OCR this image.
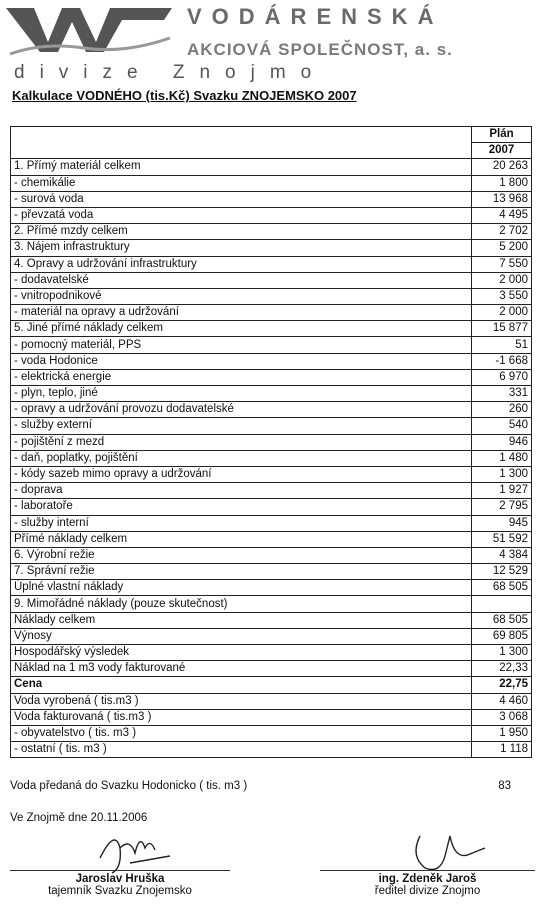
VODÁRENSKÁ
AKCIOVÁ SPOLEČNOST, a. s.
divize Znojmo
Kalkulace VODNÉHO (tis.Kč) Svazku ZNOJEMSKO 2007
	Plán
	2007
1. Přímý materiál celkem	20 263
- chemikálie	1 800
- surová voda	13 968
- převzatá voda	4 495
2. Přímé mzdy celkem	2 702
3. Nájem infrastruktury	5 200
4. Opravy a udržování infrastruktury	7 550
- dodavatelské	2 000
- vnitropodnikové	3 550
- materiál na opravy a udržování	2 000
5. Jiné přímé náklady celkem	15 877
- pomocný materiál, PPS	51
- voda Hodonice	-1 668
- elektrická energie	6 970
- plyn, teplo, jiné	331
- opravy a udržování provozu dodavatelské	260
- služby externí	540
- pojištění z mezd	946
- daň, poplatky, pojištění	1 480
- kódy sazeb mimo opravy a udržování	1 300
- doprava	1 927
- laboratoře	2 795
- služby interní	945
Přímé náklady celkem	51 592
6. Výrobní režie	4 384
7. Správní režie	12 529
Úplné vlastní náklady	68 505
9. Mimořádné náklady (pouze skutečnost)	
Náklady celkem	68 505
Výnosy	69 805
Hospodářský výsledek	1 300
Náklad na 1 m3 vody fakturované	22,33
Cena	22,75
Voda vyrobená ( tis.m3 )	4 460
Voda fakturovaná ( tis.m3 )	3 068
- obyvatelstvo ( tis. m3 )	1 950
- ostatní ( tis. m3 )	1 118
Voda předaná do Svazku Hodonicko ( tis. m3 )	83
Ve Znojmě dne 20.11.2006
Jaroslav Hruška
tajemník Svazku Znojemsko
ing. Zdeněk Jaroš
ředitel divize Znojmo
